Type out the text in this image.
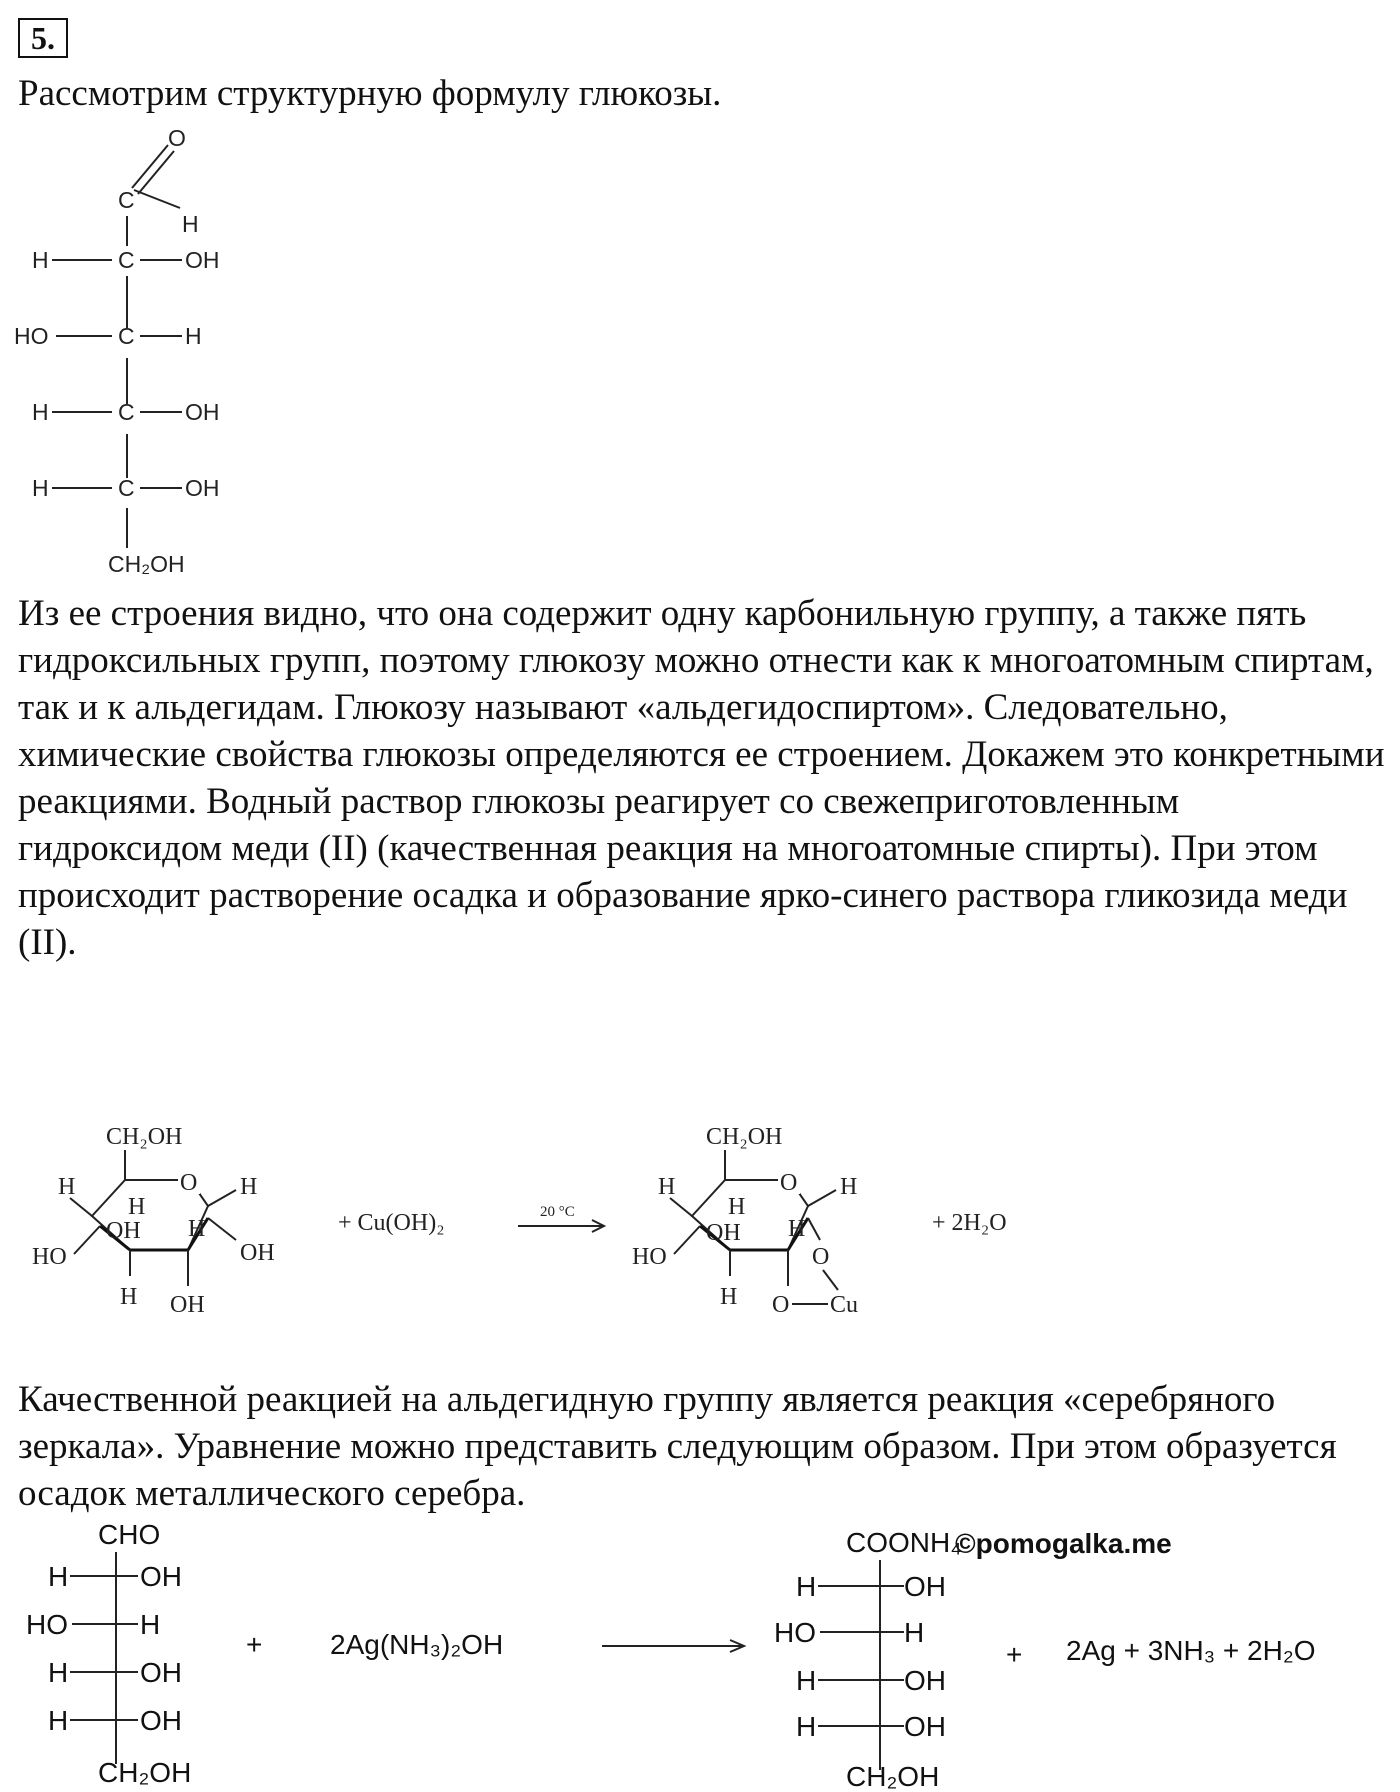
5.

Рассмотрим структурную формулу глюкозы.

O
C
H
H	C OH
HO	C H
H	C OH
H	C OH
CH₂OH

Из ее строения видно, что она содержит одну карбонильную группу, а также пять гидроксильных групп, поэтому глюкозу можно отнести как к многоатомным спиртам, так и к альдегидам. Глюкозу называют «альдегидоспиртом». Следовательно, химические свойства глюкозы определяются ее строением. Докажем это конкретными реакциями. Водный раствор глюкозы реагирует со свежеприготовленным гидроксидом меди (II) (качественная реакция на многоатомные спирты). При этом происходит растворение осадка и образование ярко-синего раствора гликозида меди (II).

CH₂OH
O
H
H
OH H
H
OH
HO
H OH
+ Cu(OH)₂	20 °C
CH₂OH
O
H
H
OH H
H
O
HO
H O Cu
+ 2H₂O

Качественной реакцией на альдегидную группу является реакция «серебряного зеркала». Уравнение можно представить следующим образом. При этом образуется осадок металлического серебра.

CHO
H	OH
HO	H
H	OH
H	OH
CH₂OH
+ 2Ag(NH₃)₂OH
COONH₄
H	OH
HO	H
H	OH
H	OH
CH₂OH
+ 2Ag + 3NH₃ + 2H₂O
©pomogalka.me
